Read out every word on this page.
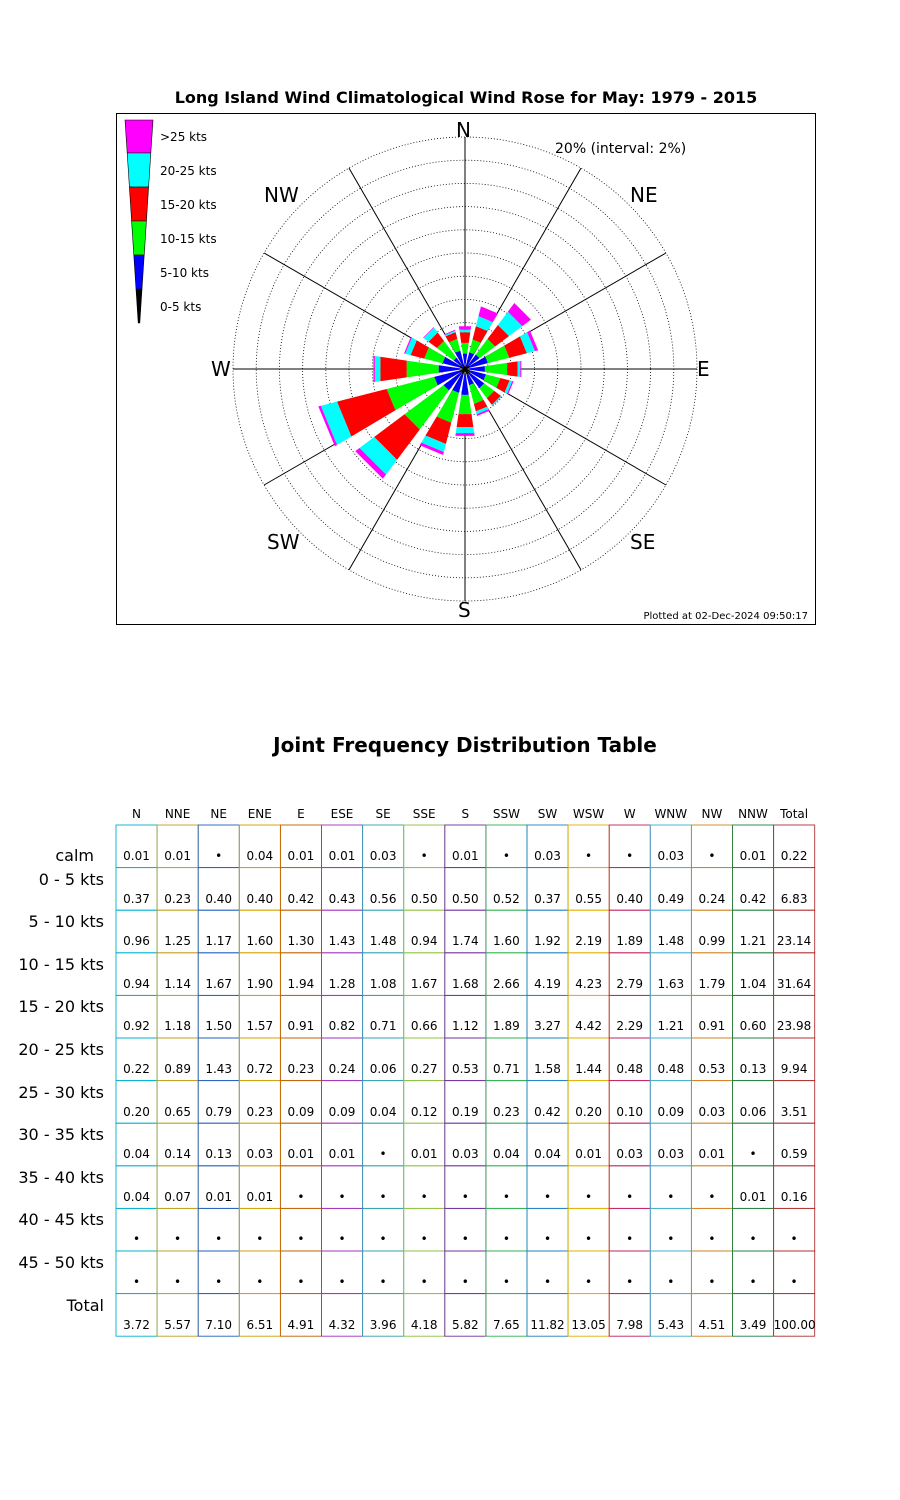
Long Island Wind Climatological Wind Rose for May: 1979 - 2015
20% (interval: 2%)
Plotted at 02-Dec-2024 09:50:17
N
NE
E
SE
S
SW
W
NW
>25 kts
20-25 kts
15-20 kts
10-15 kts
5-10 kts
0-5 kts
Joint Frequency Distribution Table
N	NNE	NE	ENE	E	ESE	SE	SSE	S	SSW	SW	WSW	W	WNW	NW	NNW	Total
calm	0.01	0.01	•	0.04	0.01	0.01	0.03	•	0.01	•	0.03	•	•	0.03	•	0.01	0.22
0 - 5 kts
0.37	0.23	0.40	0.40	0.42	0.43	0.56	0.50	0.50	0.52	0.37	0.55	0.40	0.49	0.24	0.42	6.83
5 - 10 kts
0.96	1.25	1.17	1.60	1.30	1.43	1.48	0.94	1.74	1.60	1.92	2.19	1.89	1.48	0.99	1.21 23.14
10 - 15 kts
0.94	1.14	1.67	1.90	1.94	1.28	1.08	1.67	1.68	2.66	4.19	4.23	2.79	1.63	1.79	1.04 31.64
15 - 20 kts
0.92	1.18	1.50	1.57	0.91	0.82	0.71	0.66	1.12	1.89	3.27	4.42	2.29	1.21	0.91	0.60 23.98
20 - 25 kts
0.22	0.89	1.43	0.72	0.23	0.24	0.06	0.27	0.53	0.71	1.58	1.44	0.48	0.48	0.53	0.13	9.94
25 - 30 kts
0.20	0.65	0.79	0.23	0.09	0.09	0.04	0.12	0.19	0.23	0.42	0.20	0.10	0.09	0.03	0.06	3.51
30 - 35 kts
0.04	0.14	0.13	0.03	0.01	0.01	•	0.01	0.03	0.04	0.04	0.01	0.03	0.03	0.01	•	0.59
35 - 40 kts
0.04	0.07	0.01	0.01	•	•	•	•	•	•	•	•	•	•	•	0.01	0.16
40 - 45 kts
•	•	•	•	•	•	•	•	•	•	•	•	•	•	•	•	•
45 - 50 kts
•	•	•	•	•	•	•	•	•	•	•	•	•	•	•	•	•
Total
3.72	5.57	7.10	6.51	4.91	4.32	3.96	4.18	5.82	7.65 11.82 13.05 7.98	5.43	4.51	3.49 100.00
